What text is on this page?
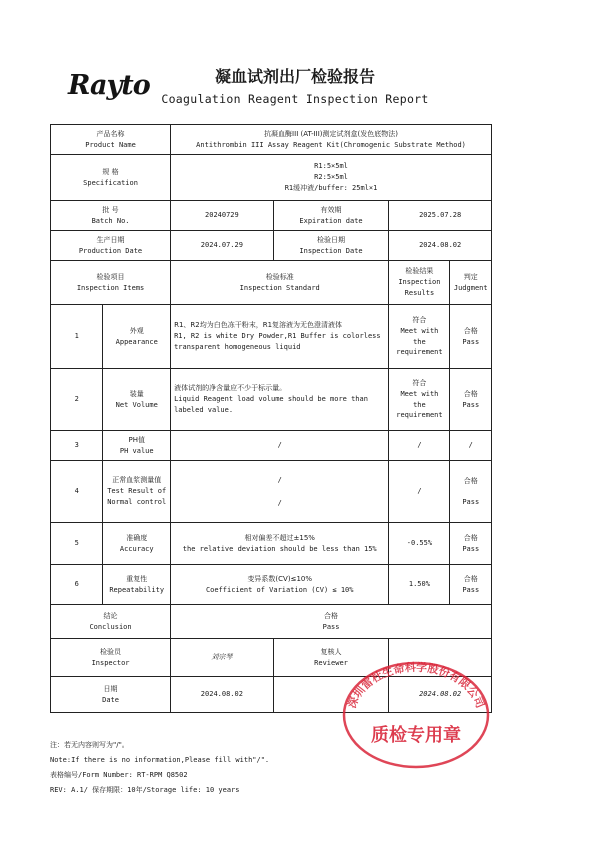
Rayto	凝血试剂出厂检验报告
Coagulation Reagent Inspection Report
产品名称
Product Name		抗凝血酶III (AT-III)测定试剂盒(发色底物法)
Antithrombin III Assay Reagent Kit(Chromogenic Substrate Method)			

规 格
Specification		R1:5×5ml
R2:5×5ml
R1缓冲液/buffer: 25ml×1			

批 号
Batch No.		20240729	有效期
Expiration date	2025.07.28	

生产日期
Production Date		2024.07.29	检验日期
Inspection Date	2024.08.02	

检验项目
Inspection Items		检验标准
Inspection Standard		检验结果
Inspection Results	判定
Judgment

1	外观
Appearance	R1、R2均为白色冻干粉末，R1复溶液为无色澄清液体
R1, R2 is white Dry Powder,R1 Buffer is colorless transparent homogeneous liquid		符合
Meet with the requirement	合格
Pass

2	装量
Net Volume	液体试剂的净含量应不少于标示量。
Liquid Reagent load volume should be more than labeled value.		符合
Meet with the requirement	合格
Pass

3	PH值
PH value	/		/	/
4	正常血浆测量值
Test Result of Normal control	/
/		/	合格
Pass

5	准确度
Accuracy	相对偏差不超过±15%
the relative deviation should be less than 15%		-0.55%	合格
Pass

6	重复性
Repeatability	变异系数(CV)≤10%
Coefficient of Variation (CV) ≤ 10%		1.50%	合格
Pass

结论
Conclusion		合格
Pass			

检验员
Inspector		刘宗琴	复核人
Reviewer		

日期
Date		2024.08.02		2024.08.02	
注：若无内容则写为"/"。
Note:If there is no information,Please fill with"/".
表格编号/Form Number: RT-RPM Q8502
REV: A.1/ 保存期限：10年/Storage life: 10 years
深圳雷杜生命科学股份有限公司
质检专用章
